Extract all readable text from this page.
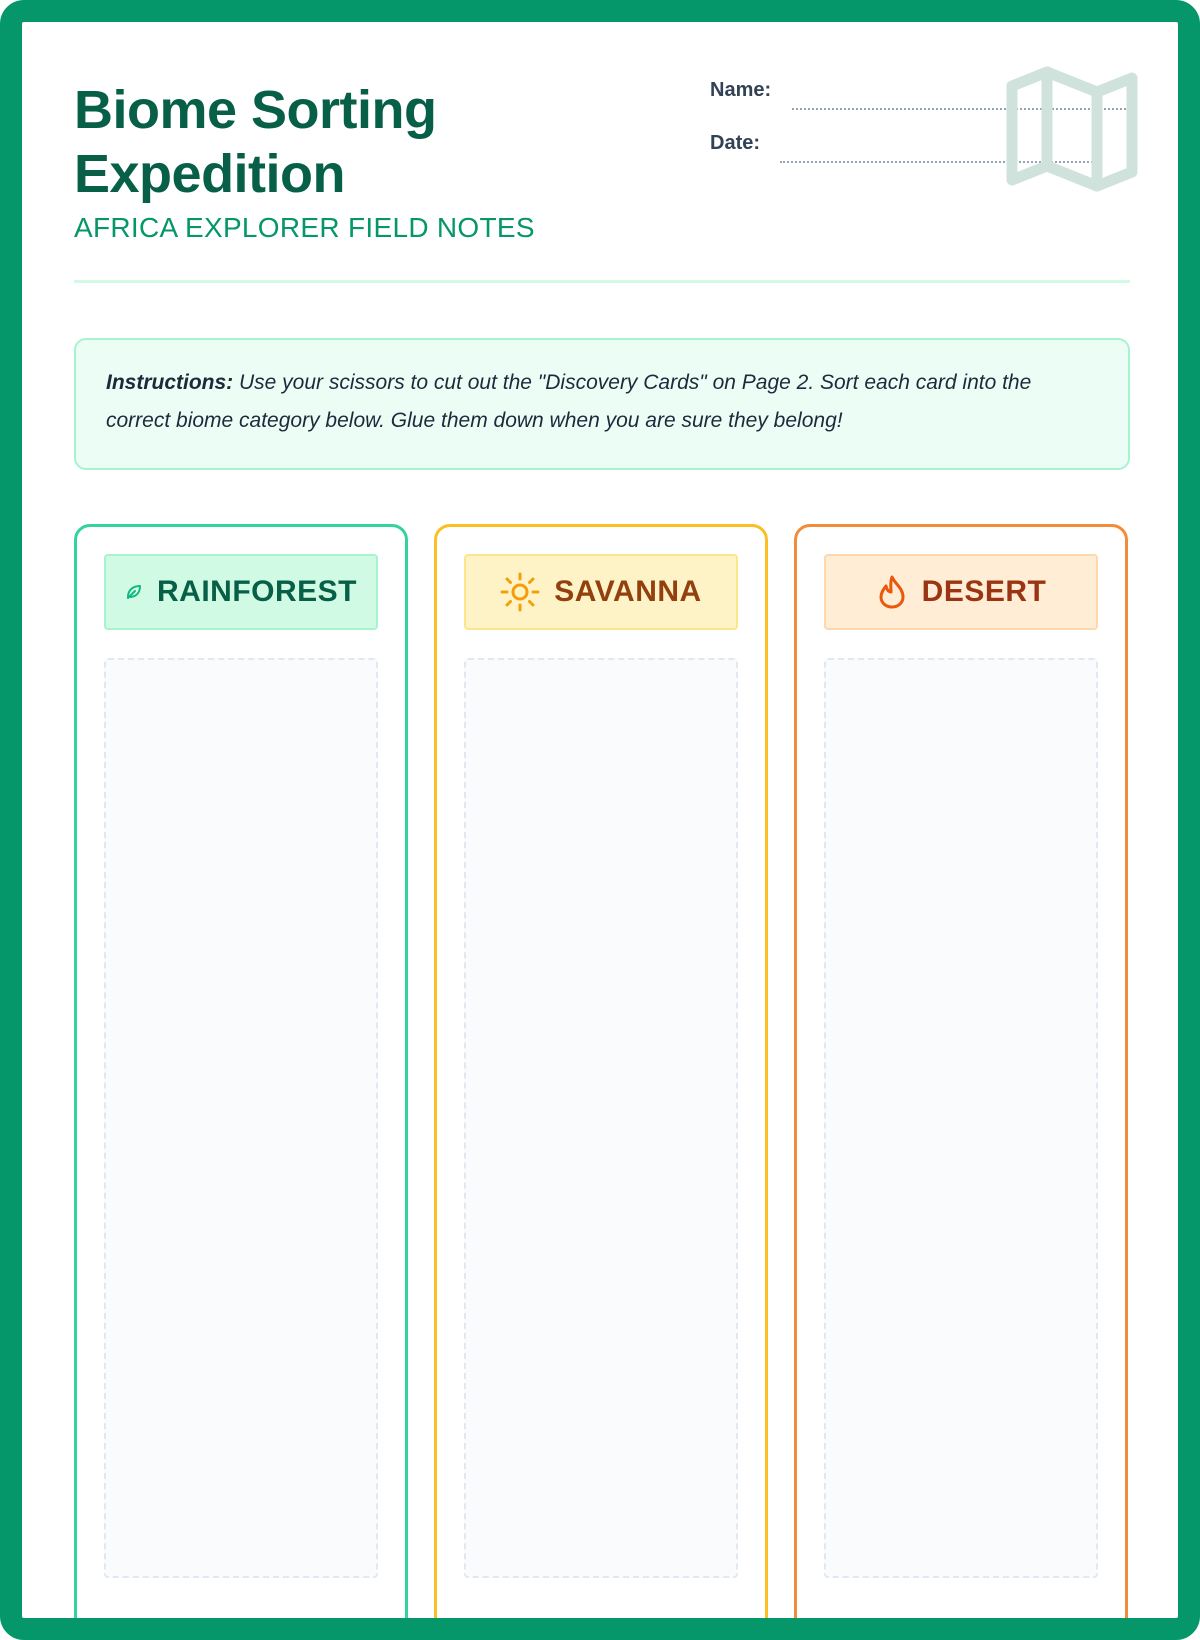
Biome Sorting
Expedition
AFRICA EXPLORER FIELD NOTES
Name:
Date:
Instructions: Use your scissors to cut out the "Discovery Cards" on Page 2. Sort each card into the correct biome category below. Glue them down when you are sure they belong!
RAINFOREST	SAVANNA	DESERT
